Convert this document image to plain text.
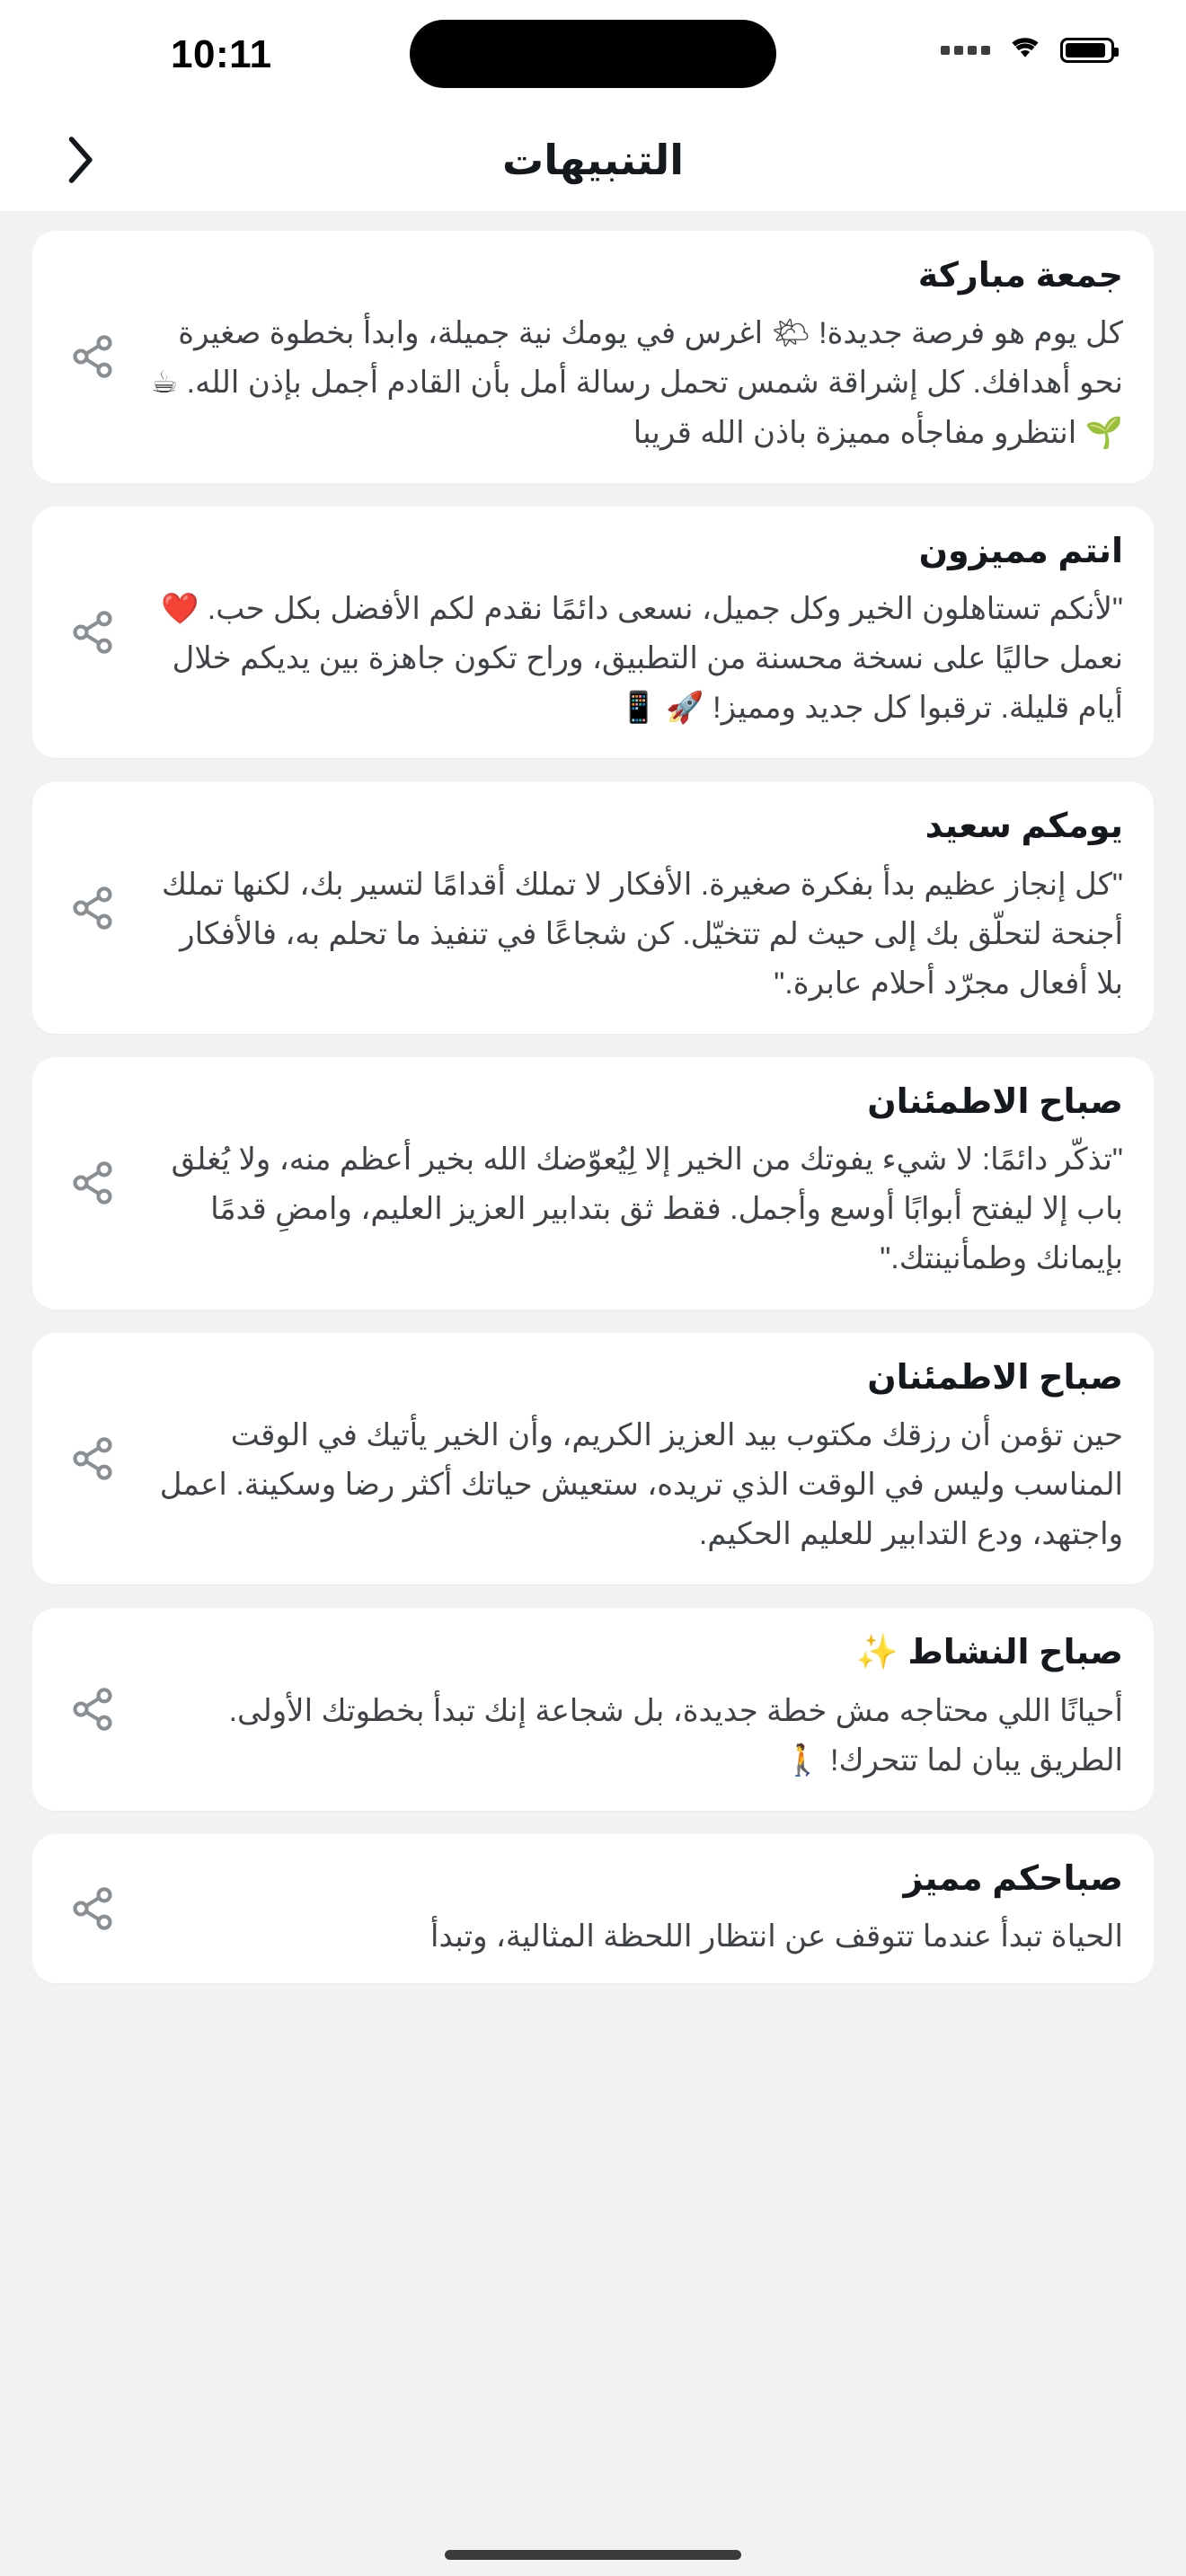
10:11
التنبيهات
جمعة مباركة
كل يوم هو فرصة جديدة! 🌤 اغرس في يومك نية جميلة، وابدأ بخطوة صغيرة نحو أهدافك. كل إشراقة شمس تحمل رسالة أمل بأن القادم أجمل بإذن الله. ☕ 🌱 انتظرو مفاجأه مميزة باذن الله قريبا
انتم مميزون
"لأنكم تستاهلون الخير وكل جميل، نسعى دائمًا نقدم لكم الأفضل بكل حب. ❤️ نعمل حاليًا على نسخة محسنة من التطبيق، وراح تكون جاهزة بين يديكم خلال أيام قليلة. ترقبوا كل جديد ومميز! 🚀 📱
يومكم سعيد
"كل إنجاز عظيم بدأ بفكرة صغيرة. الأفكار لا تملك أقدامًا لتسير بك، لكنها تملك أجنحة لتحلّق بك إلى حيث لم تتخيّل. كن شجاعًا في تنفيذ ما تحلم به، فالأفكار بلا أفعال مجرّد أحلام عابرة."
صباح الاطمئنان
"تذكّر دائمًا: لا شيء يفوتك من الخير إلا لِيُعوّضك الله بخير أعظم منه، ولا يُغلق باب إلا ليفتح أبوابًا أوسع وأجمل. فقط ثق بتدابير العزيز العليم، وامضِ قدمًا بإيمانك وطمأنينتك."
صباح الاطمئنان
حين تؤمن أن رزقك مكتوب بيد العزيز الكريم، وأن الخير يأتيك في الوقت المناسب وليس في الوقت الذي تريده، ستعيش حياتك أكثر رضا وسكينة. اعمل واجتهد، ودع التدابير للعليم الحكيم.
صباح النشاط ✨
أحيانًا اللي محتاجه مش خطة جديدة، بل شجاعة إنك تبدأ بخطوتك الأولى. الطريق يبان لما تتحرك! 🚶
صباحكم مميز
الحياة تبدأ عندما تتوقف عن انتظار اللحظة المثالية، وتبدأ
